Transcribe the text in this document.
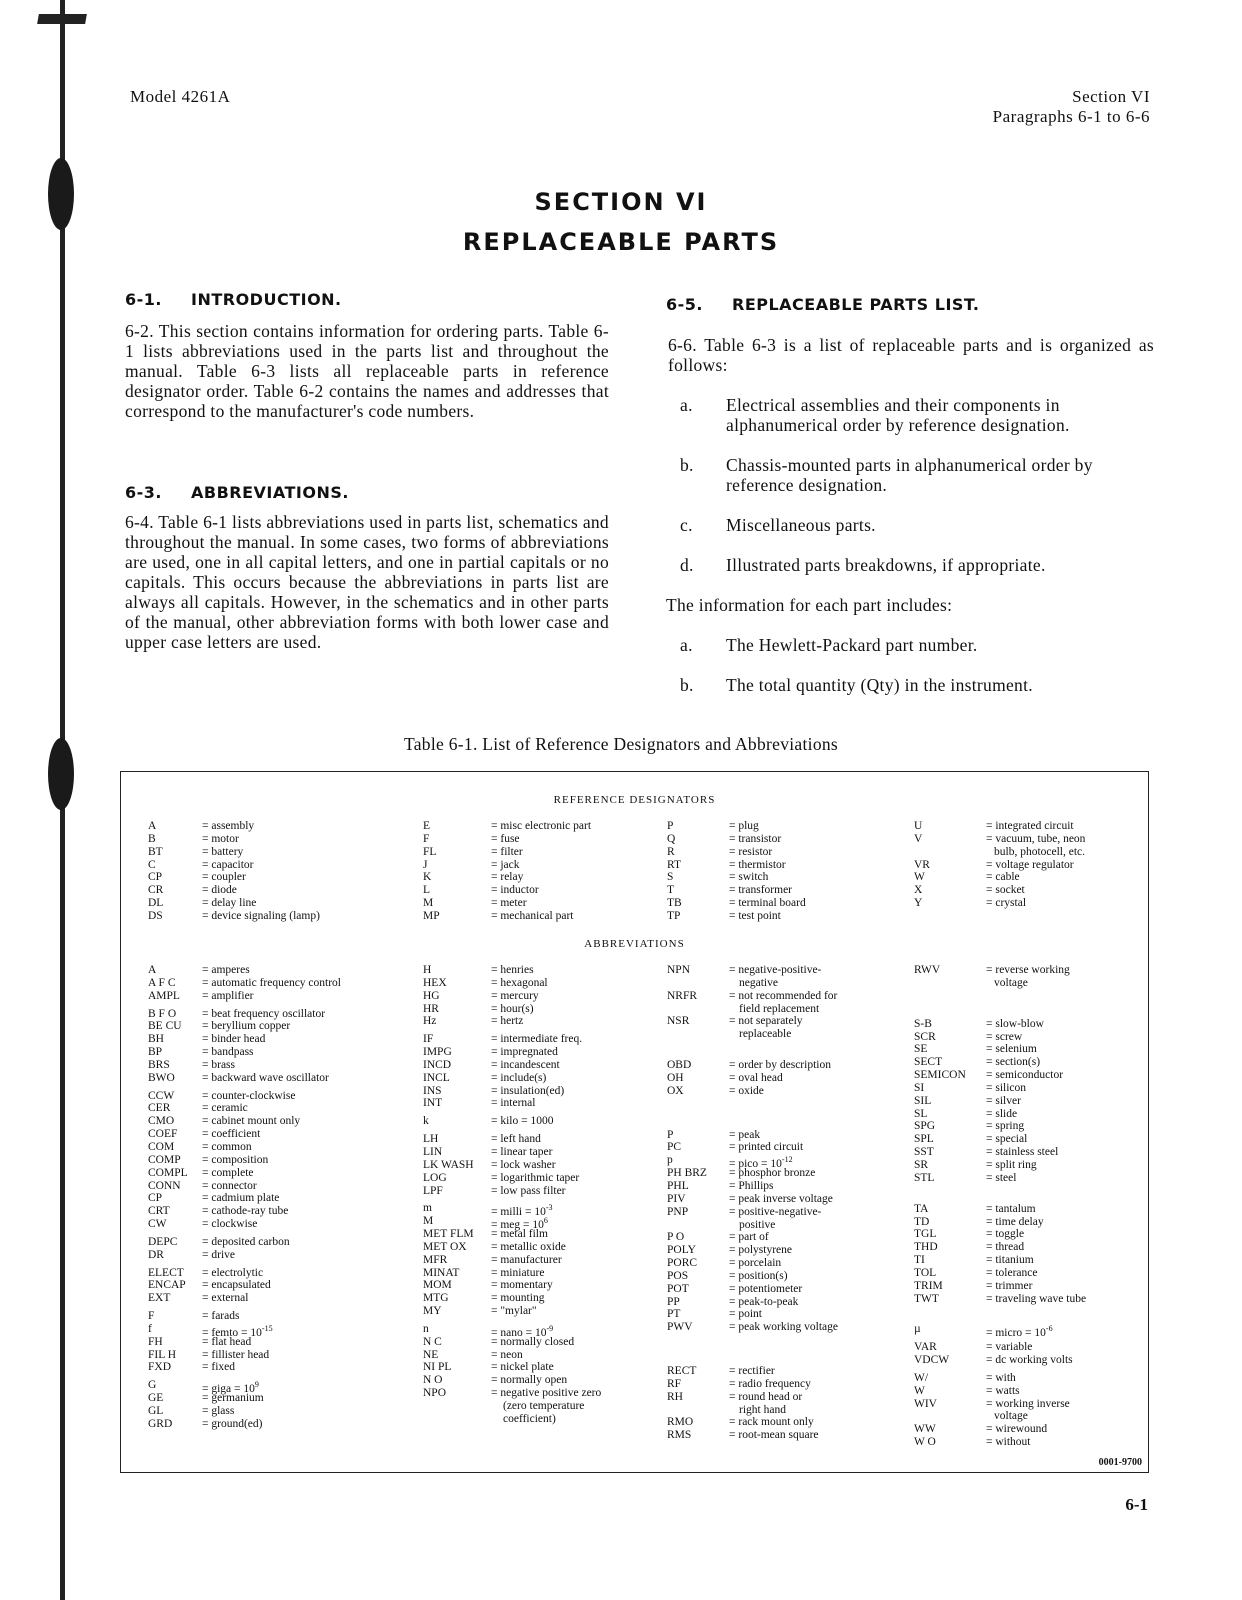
Model 4261A	Section VI
Paragraphs 6-1 to 6-6
SECTION VI
REPLACEABLE PARTS
6-1. INTRODUCTION.
6-2. This section contains information for ordering parts. Table 6-1 lists abbreviations used in the parts list and throughout the manual. Table 6-3 lists all replaceable parts in reference designator order. Table 6-2 contains the names and addresses that correspond to the manufacturer's code numbers.
6-3. ABBREVIATIONS.
6-4. Table 6-1 lists abbreviations used in parts list, schematics and throughout the manual. In some cases, two forms of abbreviations are used, one in all capital letters, and one in partial capitals or no capitals. This occurs because the abbreviations in parts list are always all capitals. However, in the schematics and in other parts of the manual, other abbreviation forms with both lower case and upper case letters are used.
6-5. REPLACEABLE PARTS LIST.
6-6. Table 6-3 is a list of replaceable parts and is organized as follows:
a. Electrical assemblies and their components in alphanumerical order by reference designation.
b. Chassis-mounted parts in alphanumerical order by reference designation.
c. Miscellaneous parts.
d. Illustrated parts breakdowns, if appropriate.
The information for each part includes:
a. The Hewlett-Packard part number.
b. The total quantity (Qty) in the instrument.
Table 6-1. List of Reference Designators and Abbreviations
REFERENCE DESIGNATORS
A	= assembly
B	= motor
BT	= battery
C	= capacitor
CP	= coupler
CR	= diode
DL	= delay line
DS	= device signaling (lamp)
E	= misc electronic part
F	= fuse
FL	= filter
J	= jack
K	= relay
L	= inductor
M	= meter
MP	= mechanical part
P	= plug
Q	= transistor
R	= resistor
RT	= thermistor
S	= switch
T	= transformer
TB	= terminal board
TP	= test point
U	= integrated circuit
V	= vacuum, tube, neon
bulb, photocell, etc.
VR	= voltage regulator
W	= cable
X	= socket
Y	= crystal
ABBREVIATIONS
A	= amperes
A F C = automatic frequency control
AMPL = amplifier
B F O = beat frequency oscillator
BE CU = beryllium copper
BH	= binder head
BP	= bandpass
BRS	= brass
BWO = backward wave oscillator
CCW = counter-clockwise
CER	= ceramic
CMO = cabinet mount only
COEF = coefficient
COM = common
COMP = composition
COMPL = complete
CONN = connector
CP	= cadmium plate
CRT	= cathode-ray tube
CW	= clockwise
DEPC = deposited carbon
DR	= drive
ELECT = electrolytic
ENCAP = encapsulated
EXT	= external
F	= farads
f	= femto = $10^{-15}$
FH	= flat head
FIL H = fillister head
FXD	= fixed
G	= giga = $10^9$
GE	= germanium
GL	= glass
GRD	= ground(ed)
H	= henries
HEX	= hexagonal
HG	= mercury
HR	= hour(s)
Hz	= hertz
IF	= intermediate freq.
IMPG	= impregnated
INCD	= incandescent
INCL	= include(s)
INS	= insulation(ed)
INT	= internal
k	= kilo = 1000
LH	= left hand
LIN	= linear taper
LK WASH = lock washer
LOG	= logarithmic taper
LPF	= low pass filter
m	= milli = $10^{-3}$
M	= meg = $10^6$
MET FLM = metal film
MET OX = metallic oxide
MFR	= manufacturer
MINAT	= miniature
MOM	= momentary
MTG	= mounting
MY	= "mylar"
n	= nano = $10^{-9}$
N C	= normally closed
NE	= neon
NI PL	= nickel plate
N O	= normally open
NPO	= negative positive zero
(zero temperature
coefficient)
NPN	= negative-positive-
negative
NRFR	= not recommended for
field replacement
NSR	= not separately
replaceable
OBD	= order by description
OH	= oval head
OX	= oxide
P	= peak
PC	= printed circuit
p	= pico = $10^{-12}$
PH BRZ = phosphor bronze
PHL	= Phillips
PIV	= peak inverse voltage
PNP	= positive-negative-
positive
P O	= part of
POLY	= polystyrene
PORC	= porcelain
POS	= position(s)
POT	= potentiometer
PP	= peak-to-peak
PT	= point
PWV	= peak working voltage
RECT	= rectifier
RF	= radio frequency
RH	= round head or
right hand
RMO	= rack mount only
RMS	= root-mean square
RWV	= reverse working
voltage
S-B	= slow-blow
SCR	= screw
SE	= selenium
SECT	= section(s)
SEMICON = semiconductor
SI	= silicon
SIL	= silver
SL	= slide
SPG	= spring
SPL	= special
SST	= stainless steel
SR	= split ring
STL	= steel
TA	= tantalum
TD	= time delay
TGL	= toggle
THD	= thread
TI	= titanium
TOL	= tolerance
TRIM	= trimmer
TWT	= traveling wave tube
µ	= micro = $10^{-6}$
VAR	= variable
VDCW	= dc working volts
W/	= with
W	= watts
WIV	= working inverse
voltage
WW	= wirewound
W O	= without
0001-9700
6-1
